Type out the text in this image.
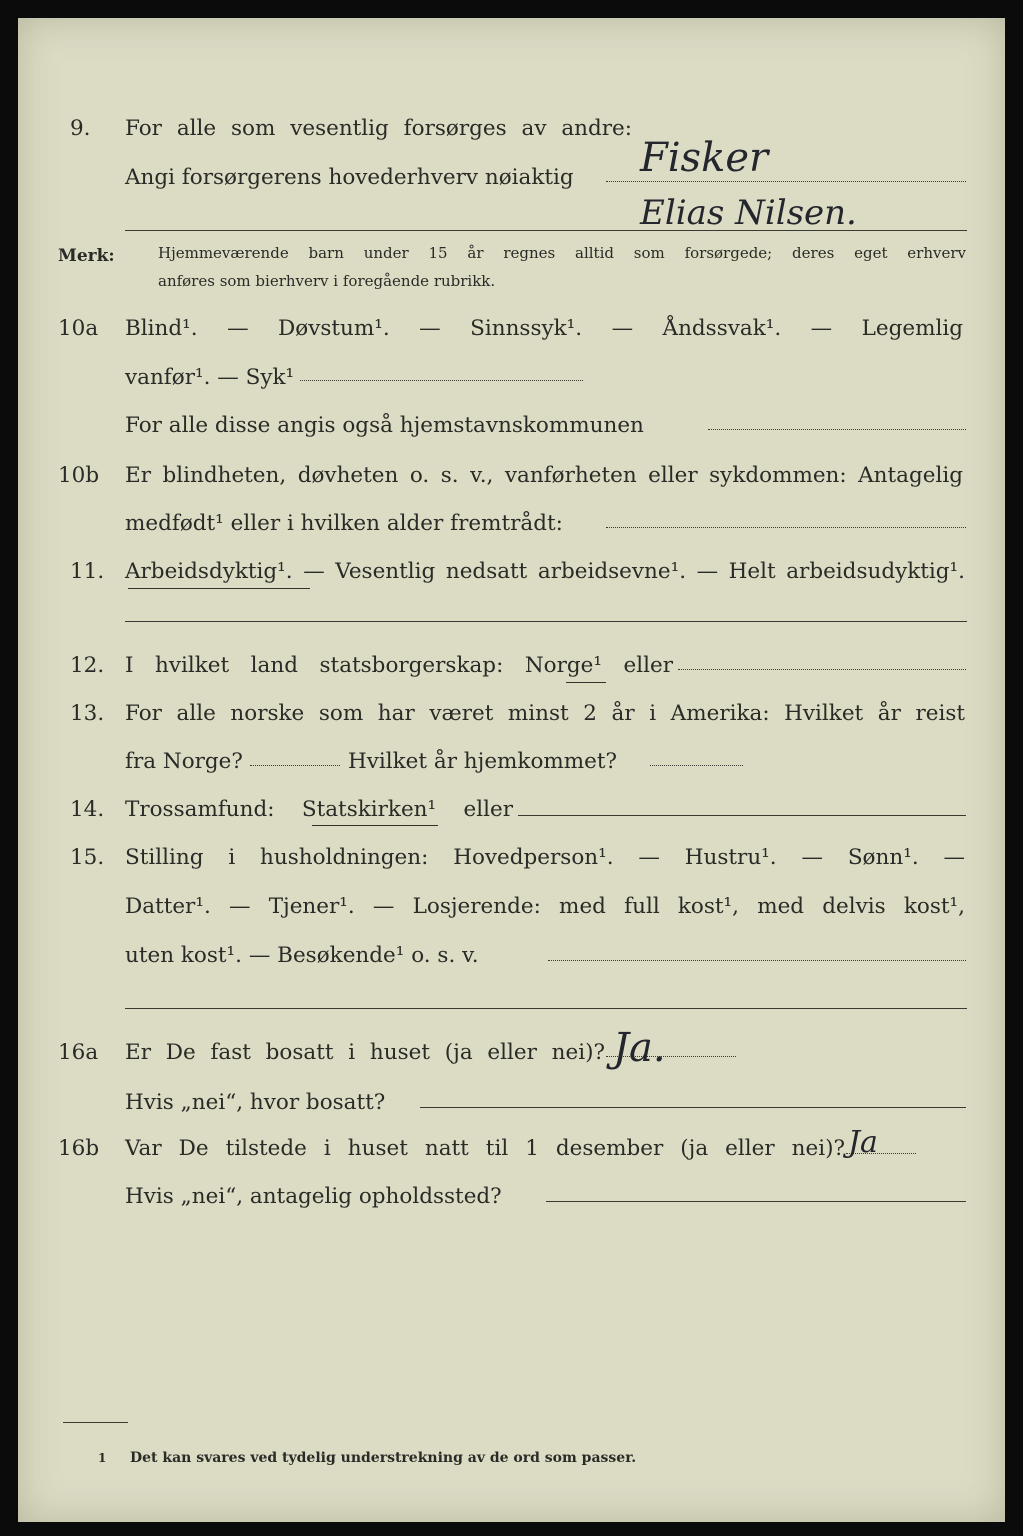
9. For alle som vesentlig forsørges av andre:
Angi forsørgerens hovederhverv nøiaktig Fisker
Elias Nilsen.
Merk:	Hjemmeværende barn under 15 år regnes alltid som forsørgede; deres eget erhverv
anføres som bierhverv i foregående rubrikk.
10a Blind¹. — Døvstum¹. — Sinnssyk¹. — Åndssvak¹. — Legemlig
vanfør¹. — Syk¹
For alle disse angis også hjemstavnskommunen
10b Er blindheten, døvheten o. s. v., vanførheten eller sykdommen: Antagelig
medfødt¹ eller i hvilken alder fremtrådt:
11. Arbeidsdyktig¹. — Vesentlig nedsatt arbeidsevne¹. — Helt arbeidsudyktig¹.
12. I hvilket land statsborgerskap: Norge¹ eller
13. For alle norske som har været minst 2 år i Amerika: Hvilket år reist
fra Norge?	Hvilket år hjemkommet?
14. Trossamfund: Statskirken¹ eller
15. Stilling i husholdningen: Hovedperson¹. — Hustru¹. — Sønn¹. —
Datter¹. — Tjener¹. — Losjerende: med full kost¹, med delvis kost¹,
uten kost¹. — Besøkende¹ o. s. v.
16a Er De fast bosatt i huset (ja eller nei)? Ja.
Hvis „nei“, hvor bosatt?
16b Var De tilstede i huset natt til 1 desember (ja eller nei)? Ja
Hvis „nei“, antagelig opholdssted?
1 Det kan svares ved tydelig understrekning av de ord som passer.
